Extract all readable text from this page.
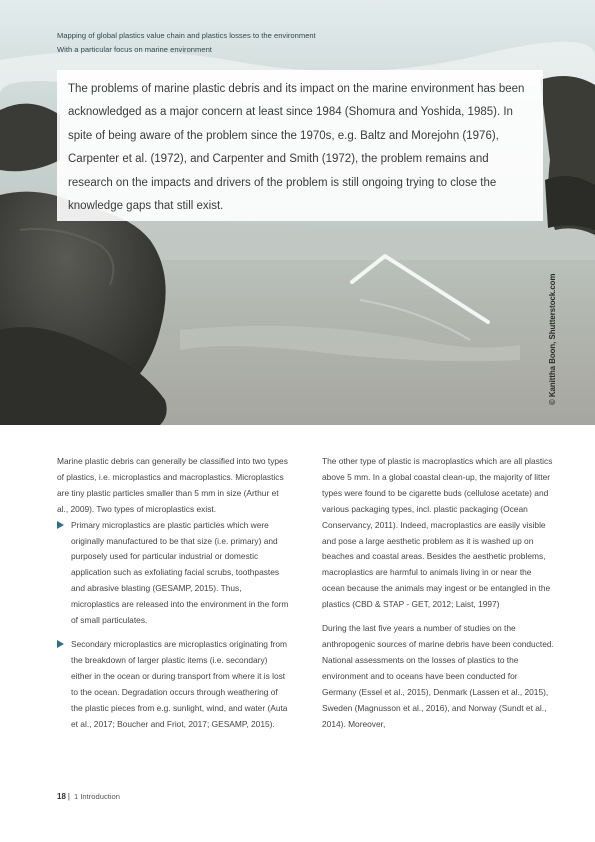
Mapping of global plastics value chain and plastics losses to the environment
With a particular focus on marine environment

The problems of marine plastic debris and its impact on the marine environment has been acknowledged as a major concern at least since 1984 (Shomura and Yoshida, 1985). In spite of being aware of the problem since the 1970s, e.g. Baltz and Morejohn (1976), Carpenter et al. (1972), and Carpenter and Smith (1972), the problem remains and research on the impacts and drivers of the problem is still ongoing trying to close the knowledge gaps that still exist.

© Kanittha Boon, Shutterstock.com

Marine plastic debris can generally be classified into two types of plastics, i.e. microplastics and macroplastics. Microplastics are tiny plastic particles smaller than 5 mm in size (Arthur et al., 2009). Two types of microplastics exist.

Primary microplastics are plastic particles which were originally manufactured to be that size (i.e. primary) and purposely used for particular industrial or domestic application such as exfoliating facial scrubs, toothpastes and abrasive blasting (GESAMP, 2015). Thus, microplastics are released into the environment in the form of small particulates.
Secondary microplastics are microplastics originating from the breakdown of larger plastic items (i.e. secondary) either in the ocean or during transport from where it is lost to the ocean. Degradation occurs through weathering of the plastic pieces from e.g. sunlight, wind, and water (Auta et al., 2017; Boucher and Friot, 2017; GESAMP, 2015).

The other type of plastic is macroplastics which are all plastics above 5 mm. In a global coastal clean-up, the majority of litter types were found to be cigarette buds (cellulose acetate) and various packaging types, incl. plastic packaging (Ocean Conservancy, 2011). Indeed, macroplastics are easily visible and pose a large aesthetic problem as it is washed up on beaches and coastal areas. Besides the aesthetic problems, macroplastics are harmful to animals living in or near the ocean because the animals may ingest or be entangled in the plastics (CBD & STAP - GET, 2012; Laist, 1997)

During the last five years a number of studies on the anthropogenic sources of marine debris have been conducted. National assessments on the losses of plastics to the environment and to oceans have been conducted for Germany (Essel et al., 2015), Denmark (Lassen et al., 2015), Sweden (Magnusson et al., 2016), and Norway (Sundt et al., 2014). Moreover,

18 | 1 Introduction
